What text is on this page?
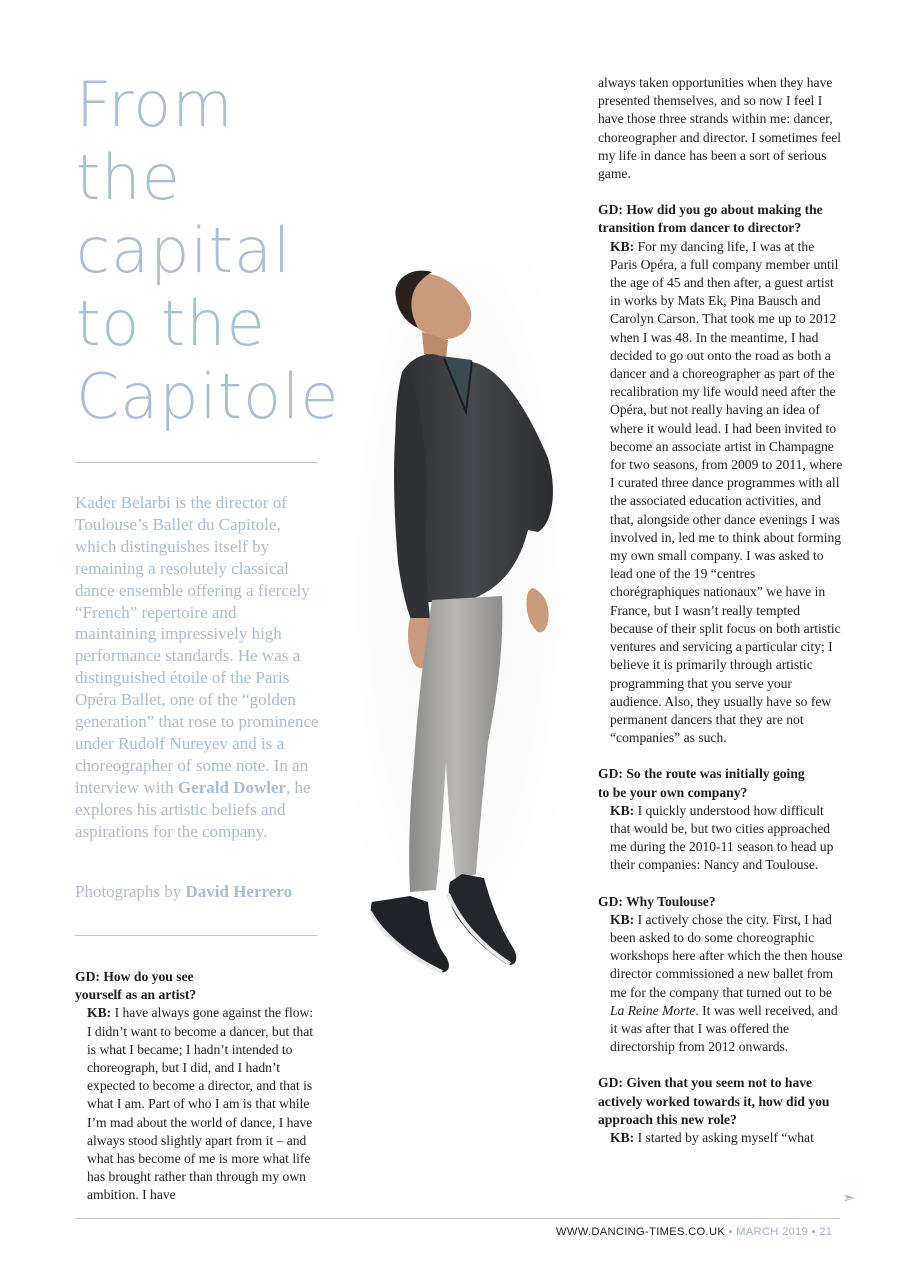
From
the
capital
to the
Capitole
Kader Belarbi is the director of Toulouse’s Ballet du Capitole, which distinguishes itself by remaining a resolutely classical dance ensemble offering a fiercely “French” repertoire and maintaining impressively high performance standards. He was a distinguished étoile of the Paris Opéra Ballet, one of the “golden generation” that rose to prominence under Rudolf Nureyev and is a choreographer of some note. In an interview with Gerald Dowler, he explores his artistic beliefs and aspirations for the company.
Photographs by David Herrero

GD: How do you see yourself as an artist?

KB: I have always gone against the flow: I didn’t want to become a dancer, but that is what I became; I hadn’t intended to choreograph, but I did, and I hadn’t expected to become a director, and that is what I am. Part of who I am is that while I’m mad about the world of dance, I have always stood slightly apart from it – and what has become of me is more what life has brought rather than through my own ambition. I have

always taken opportunities when they have presented themselves, and so now I feel I have those three strands within me: dancer, choreographer and director. I sometimes feel my life in dance has been a sort of serious game.

GD: How did you go about making the transition from dancer to director?

KB: For my dancing life, I was at the Paris Opéra, a full company member until the age of 45 and then after, a guest artist in works by Mats Ek, Pina Bausch and Carolyn Carson. That took me up to 2012 when I was 48. In the meantime, I had decided to go out onto the road as both a dancer and a choreographer as part of the recalibration my life would need after the Opéra, but not really having an idea of where it would lead. I had been invited to become an associate artist in Champagne for two seasons, from 2009 to 2011, where I curated three dance programmes with all the associated education activities, and that, alongside other dance evenings I was involved in, led me to think about forming my own small company. I was asked to lead one of the 19 “centres chorégraphiques nationaux” we have in France, but I wasn’t really tempted because of their split focus on both artistic ventures and servicing a particular city; I believe it is primarily through artistic programming that you serve your audience. Also, they usually have so few permanent dancers that they are not “companies” as such.

GD: So the route was initially going to be your own company?

KB: I quickly understood how difficult that would be, but two cities approached me during the 2010-11 season to head up their companies: Nancy and Toulouse.

GD: Why Toulouse?

KB: I actively chose the city. First, I had been asked to do some choreographic workshops here after which the then house director commissioned a new ballet from me for the company that turned out to be La Reine Morte. It was well received, and it was after that I was offered the directorship from 2012 onwards.

GD: Given that you seem not to have actively worked towards it, how did you approach this new role?

KB: I started by asking myself “what

➣
WWW.DANCING-TIMES.CO.UK • MARCH 2019 • 21
